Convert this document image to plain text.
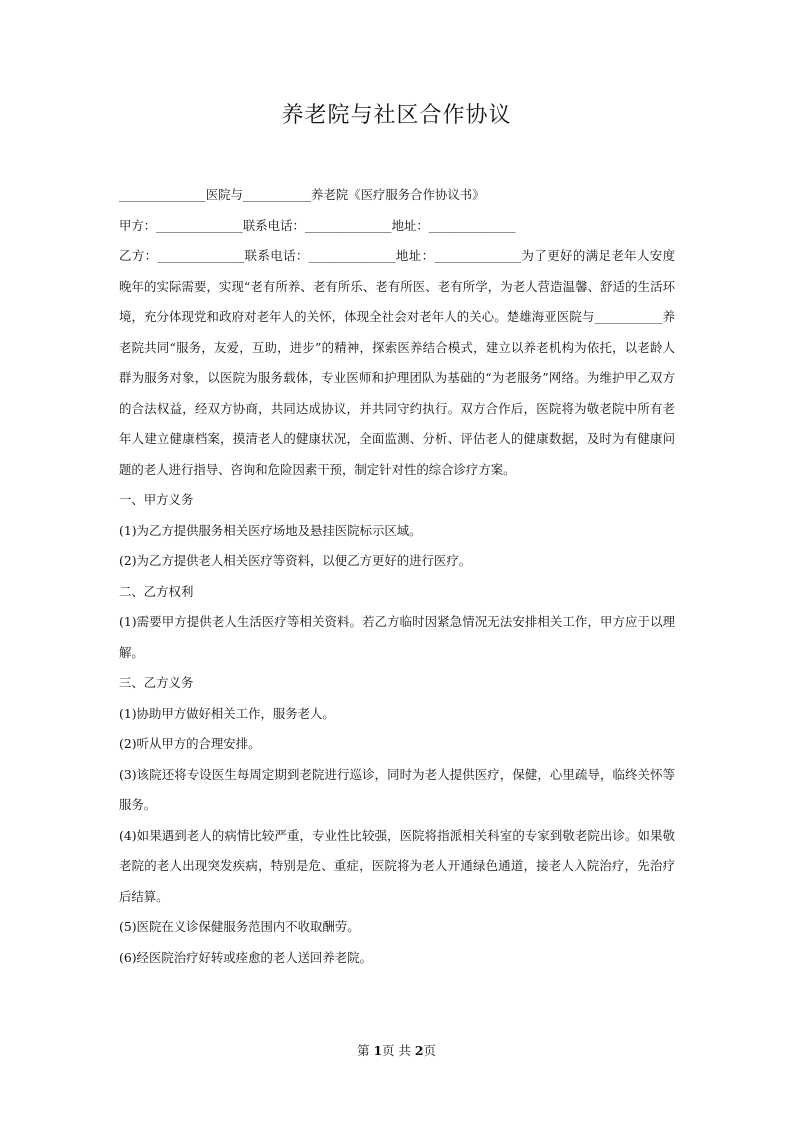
养老院与社区合作协议

______________医院与___________养老院《医疗服务合作协议书》

甲方：______________联系电话：______________地址：______________

乙方：______________联系电话：______________地址：______________为了更好的满足老年人安度晚年的实际需要，实现“老有所养、老有所乐、老有所医、老有所学，为老人营造温馨、舒适的生活环境，充分体现党和政府对老年人的关怀，体现全社会对老年人的关心。楚雄海亚医院与___________养老院共同“服务，友爱，互助，进步”的精神，探索医养结合模式，建立以养老机构为依托，以老龄人群为服务对象，以医院为服务载体，专业医师和护理团队为基础的“为老服务”网络。为维护甲乙双方的合法权益，经双方协商，共同达成协议，并共同守约执行。双方合作后，医院将为敬老院中所有老年人建立健康档案，摸清老人的健康状况，全面监测、分析、评估老人的健康数据，及时为有健康问题的老人进行指导、咨询和危险因素干预，制定针对性的综合诊疗方案。

一、甲方义务

(1)为乙方提供服务相关医疗场地及悬挂医院标示区域。

(2)为乙方提供老人相关医疗等资料，以便乙方更好的进行医疗。

二、乙方权利

(1)需要甲方提供老人生活医疗等相关资料。若乙方临时因紧急情况无法安排相关工作，甲方应于以理解。

三、乙方义务

(1)协助甲方做好相关工作，服务老人。

(2)听从甲方的合理安排。

(3)该院还将专设医生每周定期到老院进行巡诊，同时为老人提供医疗，保健，心里疏导，临终关怀等服务。

(4)如果遇到老人的病情比较严重，专业性比较强，医院将指派相关科室的专家到敬老院出诊。如果敬老院的老人出现突发疾病，特别是危、重症，医院将为老人开通绿色通道，接老人入院治疗，先治疗后结算。

(5)医院在义诊保健服务范围内不收取酬劳。

(6)经医院治疗好转或痊愈的老人送回养老院。

第 1页 共 2页
